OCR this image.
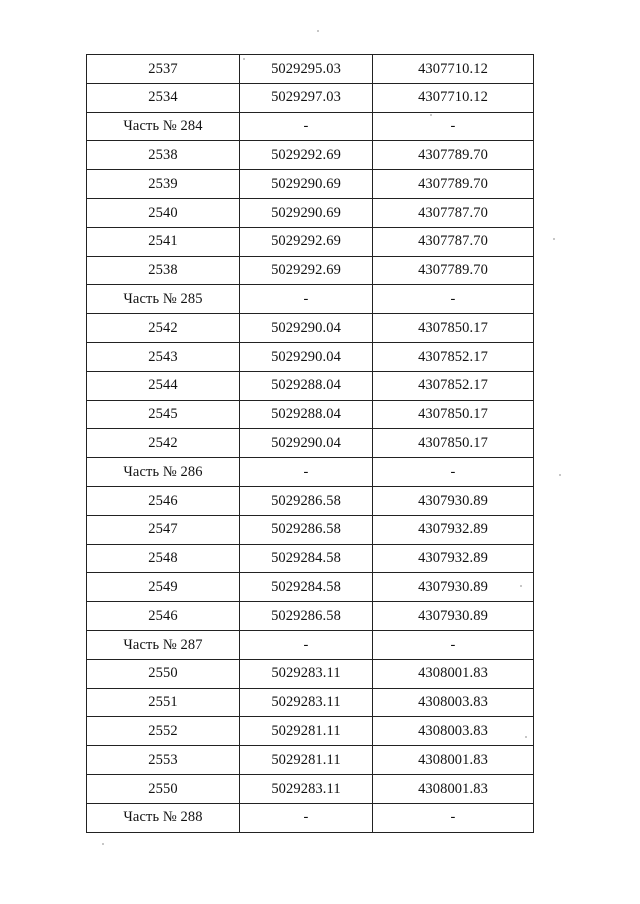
2537	5029295.03	4307710.12
2534	5029297.03	4307710.12
Часть № 284	-	-
2538	5029292.69	4307789.70
2539	5029290.69	4307789.70
2540	5029290.69	4307787.70
2541	5029292.69	4307787.70
2538	5029292.69	4307789.70
Часть № 285	-	-
2542	5029290.04	4307850.17
2543	5029290.04	4307852.17
2544	5029288.04	4307852.17
2545	5029288.04	4307850.17
2542	5029290.04	4307850.17
Часть № 286	-	-
2546	5029286.58	4307930.89
2547	5029286.58	4307932.89
2548	5029284.58	4307932.89
2549	5029284.58	4307930.89
2546	5029286.58	4307930.89
Часть № 287	-	-
2550	5029283.11	4308001.83
2551	5029283.11	4308003.83
2552	5029281.11	4308003.83
2553	5029281.11	4308001.83
2550	5029283.11	4308001.83
Часть № 288	-	-
